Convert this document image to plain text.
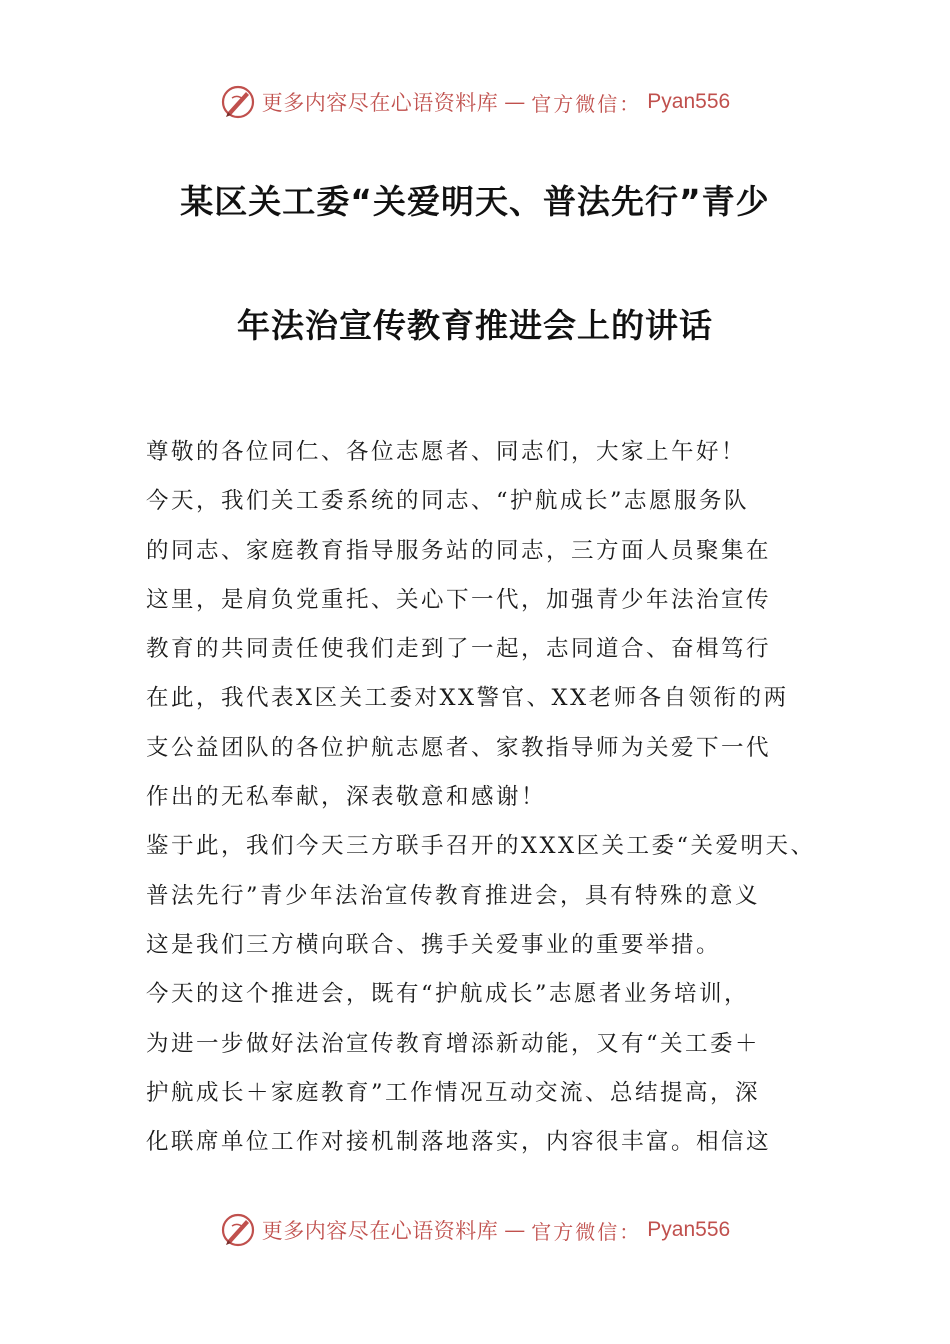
更多内容尽在心语资料库 — 官方微信： Pyan556
某区关工委“关爱明天、普法先行”青少
年法治宣传教育推进会上的讲话
尊敬的各位同仁、各位志愿者、同志们，大家上午好！
今天，我们关工委系统的同志、“护航成长”志愿服务队
的同志、家庭教育指导服务站的同志，三方面人员聚集在
这里，是肩负党重托、关心下一代，加强青少年法治宣传
教育的共同责任使我们走到了一起，志同道合、奋楫笃行
在此，我代表X区关工委对XX警官、XX老师各自领衔的两
支公益团队的各位护航志愿者、家教指导师为关爱下一代
作出的无私奉献，深表敬意和感谢！
鉴于此，我们今天三方联手召开的XXX区关工委“关爱明天、
普法先行”青少年法治宣传教育推进会，具有特殊的意义
这是我们三方横向联合、携手关爱事业的重要举措。
今天的这个推进会，既有“护航成长”志愿者业务培训，
为进一步做好法治宣传教育增添新动能，又有“关工委＋
护航成长＋家庭教育”工作情况互动交流、总结提高，深
化联席单位工作对接机制落地落实，内容很丰富。相信这
更多内容尽在心语资料库 — 官方微信： Pyan556
